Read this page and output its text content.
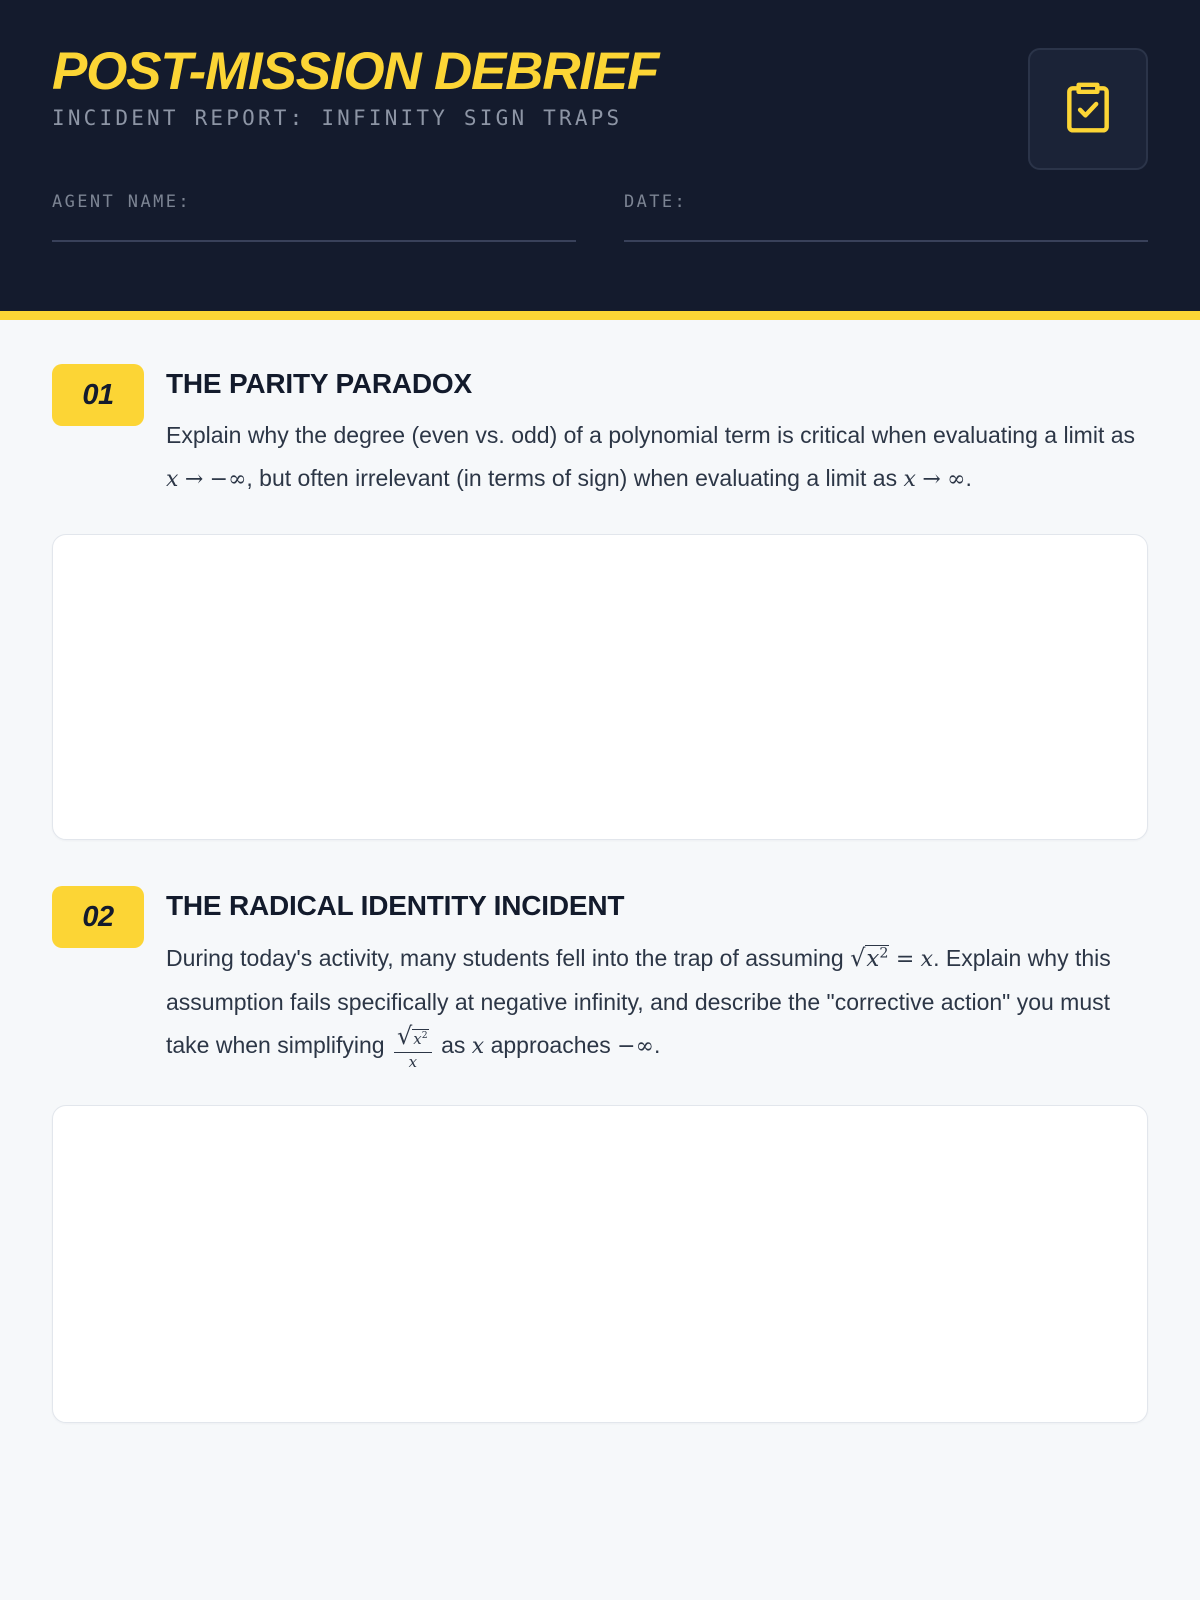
POST-MISSION DEBRIEF

INCIDENT REPORT: INFINITY SIGN TRAPS

AGENT NAME:	DATE:
01	THE PARITY PARADOX

Explain why the degree (even vs. odd) of a polynomial term is critical when evaluating a limit as x → −∞, but often irrelevant (in terms of sign) when evaluating a limit as x → ∞.

02	THE RADICAL IDENTITY INCIDENT

During today's activity, many students fell into the trap of assuming $√x^2 = x$. Explain why this assumption fails specifically at negative infinity, and describe the "corrective action" you must take when simplifying $\frac{√x^2}{x}$ as x approaches −∞.
